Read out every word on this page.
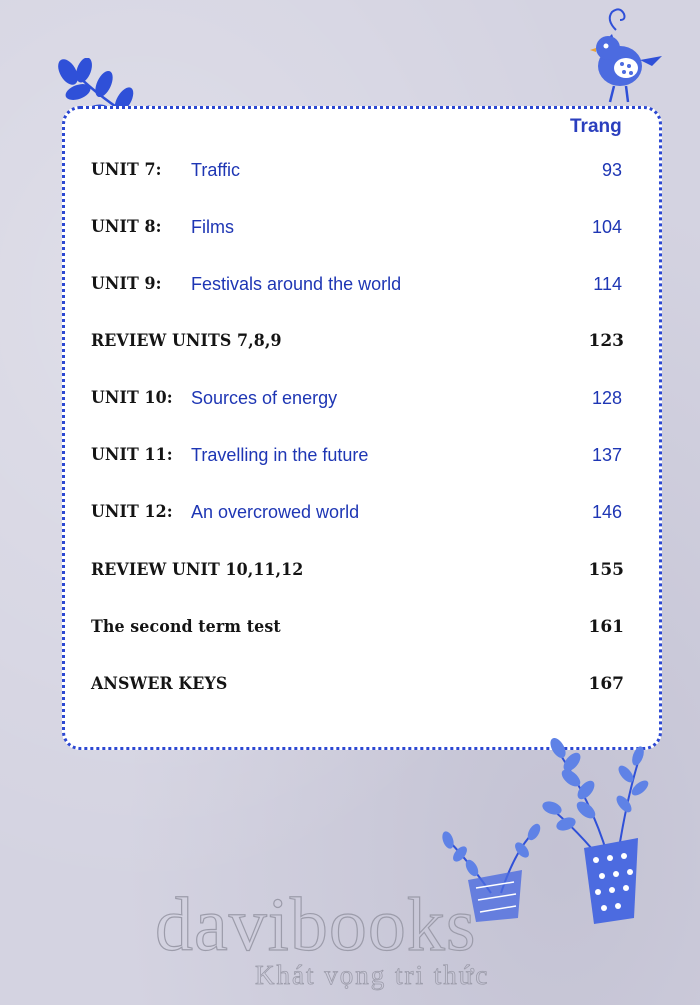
Trang
UNIT 7: Traffic	93
UNIT 8: Films	104
UNIT 9: Festivals around the world	114
REVIEW UNITS 7,8,9	123
UNIT 10: Sources of energy	128
UNIT 11: Travelling in the future	137
UNIT 12: An overcrowed world	146
REVIEW UNIT 10,11,12	155
The second term test	161
ANSWER KEYS	167
davibooks
Khát vọng tri thức
